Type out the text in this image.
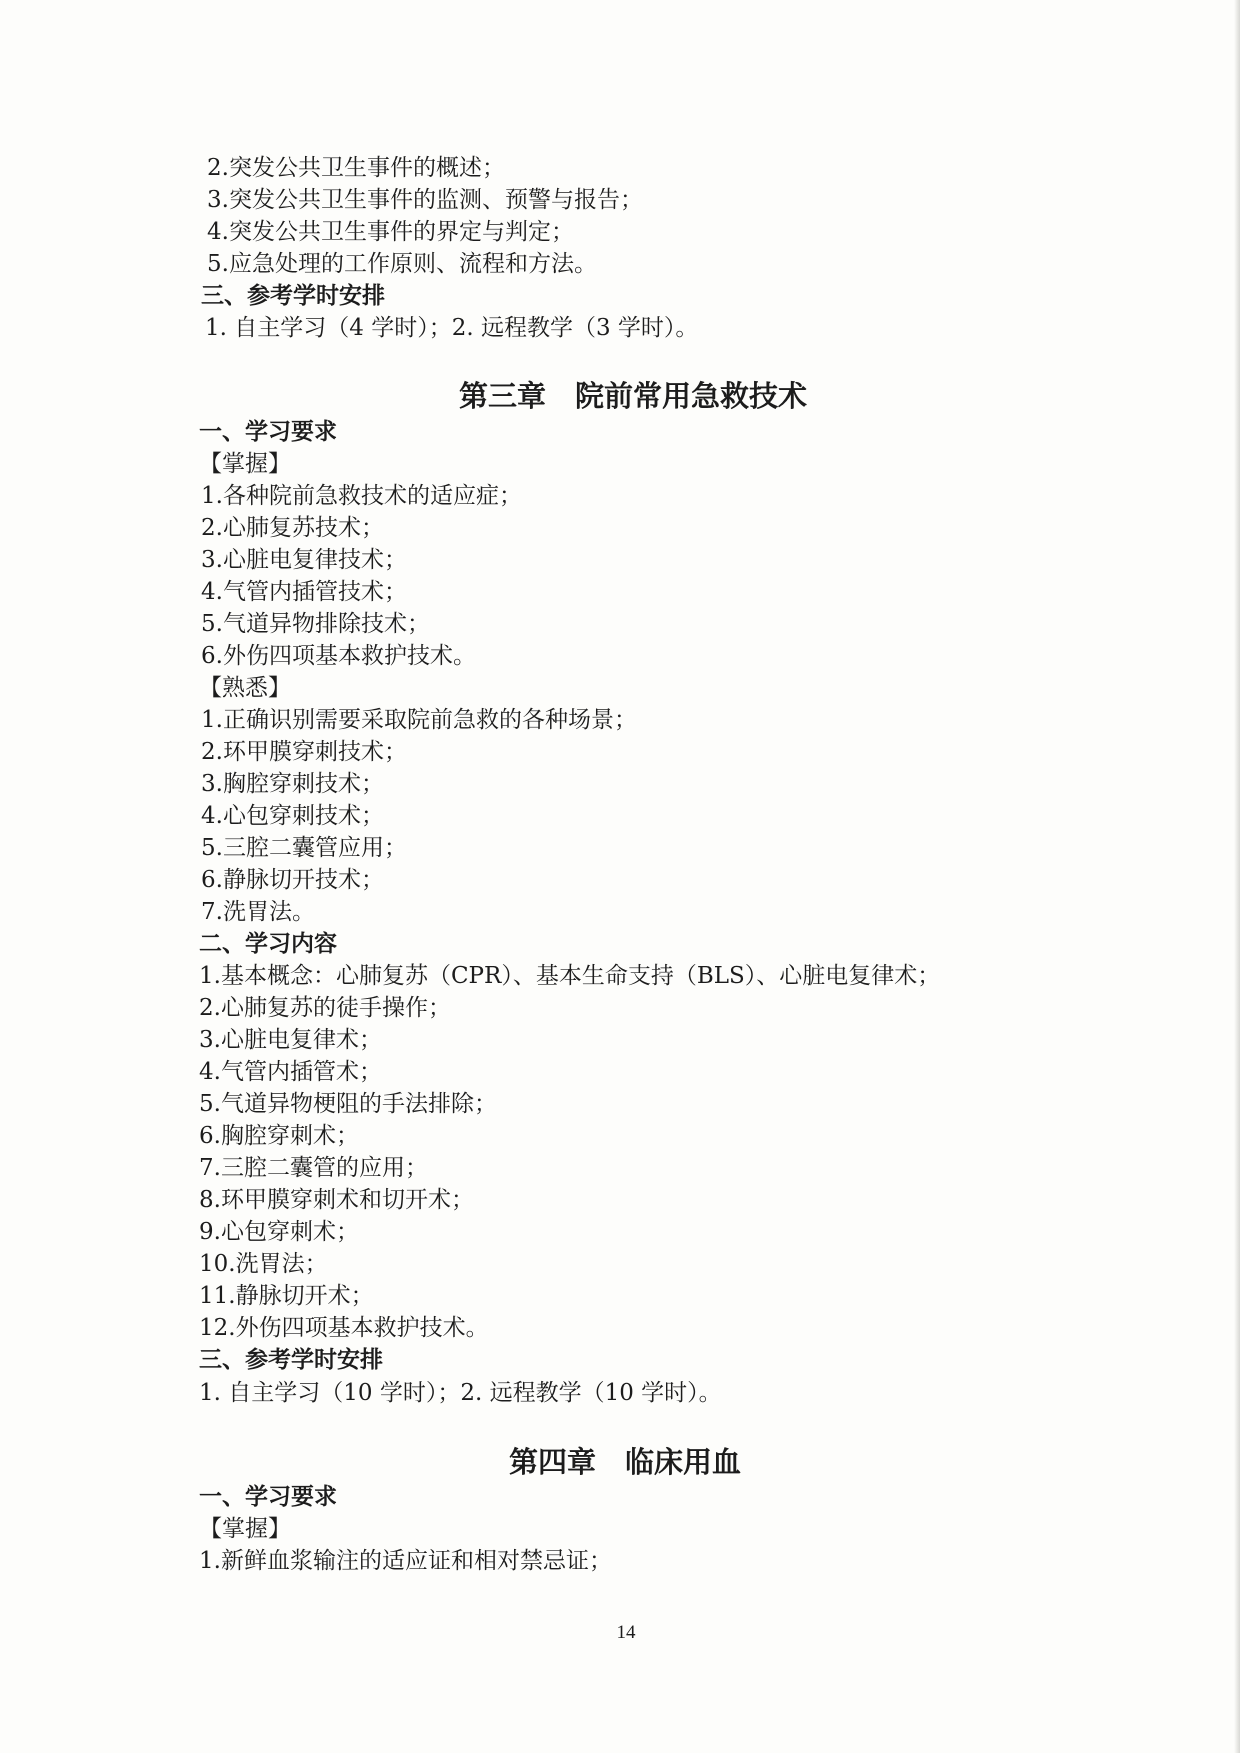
2.突发公共卫生事件的概述；
3.突发公共卫生事件的监测、预警与报告；
4.突发公共卫生事件的界定与判定；
5.应急处理的工作原则、流程和方法。
三、参考学时安排
1. 自主学习（4 学时）；2. 远程教学（3 学时）。
第三章　院前常用急救技术
一、学习要求
【掌握】
1.各种院前急救技术的适应症；
2.心肺复苏技术；
3.心脏电复律技术；
4.气管内插管技术；
5.气道异物排除技术；
6.外伤四项基本救护技术。
【熟悉】
1.正确识别需要采取院前急救的各种场景；
2.环甲膜穿刺技术；
3.胸腔穿刺技术；
4.心包穿刺技术；
5.三腔二囊管应用；
6.静脉切开技术；
7.洗胃法。
二、学习内容
1.基本概念：心肺复苏（CPR）、基本生命支持（BLS）、心脏电复律术；
2.心肺复苏的徒手操作；
3.心脏电复律术；
4.气管内插管术；
5.气道异物梗阻的手法排除；
6.胸腔穿刺术；
7.三腔二囊管的应用；
8.环甲膜穿刺术和切开术；
9.心包穿刺术；
10.洗胃法；
11.静脉切开术；
12.外伤四项基本救护技术。
三、参考学时安排
1. 自主学习（10 学时）；2. 远程教学（10 学时）。
第四章　临床用血
一、学习要求
【掌握】
1.新鲜血浆输注的适应证和相对禁忌证；
14
